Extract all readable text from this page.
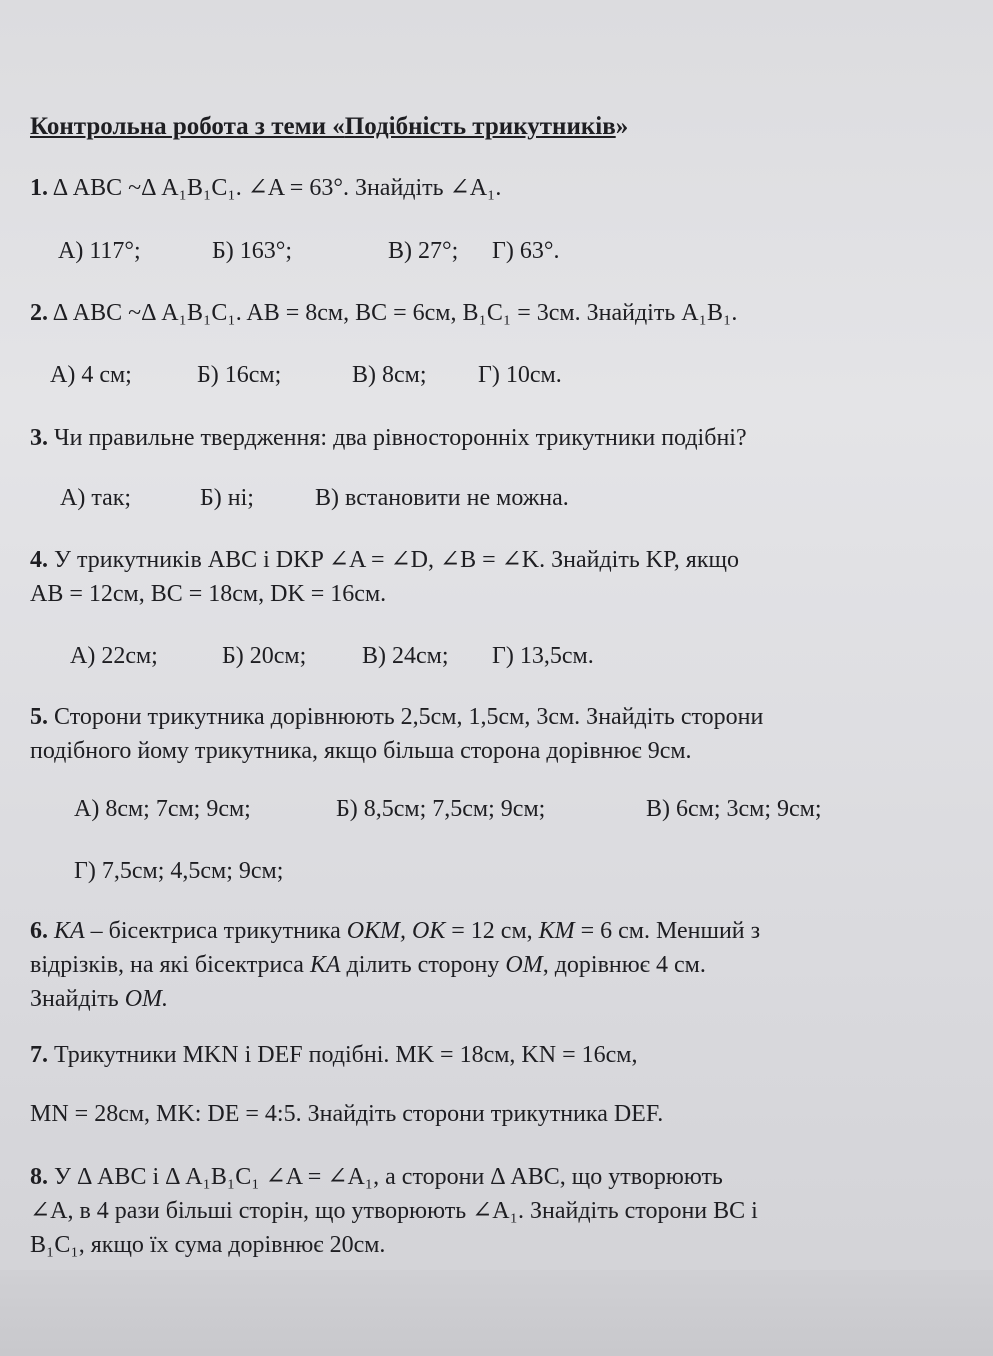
Контрольна робота з теми «Подібність трикутників»

1. Δ ABC ~Δ A₁B₁C₁. ∠A = 63°. Знайдіть ∠A₁.

А) 117°;	Б) 163°;	В) 27°; Г) 63°.

2. Δ ABC ~Δ A₁B₁C₁. AB = 8см, ВС = 6см, В₁С₁ = 3см. Знайдіть A₁B₁.

А) 4 см;	Б) 16см;	В) 8см; Г) 10см.

3. Чи правильне твердження: два рівносторонніх трикутники подібні?

А) так;	Б) ні;	В) встановити не можна.

4. У трикутників ABC і DKP ∠A = ∠D, ∠B = ∠K. Знайдіть KP, якщо

AB = 12см, BC = 18см, DK = 16см.

А) 22см;	Б) 20см; В) 24см; Г) 13,5см.

5. Сторони трикутника дорівнюють 2,5см, 1,5см, 3см. Знайдіть сторони

подібного йому трикутника, якщо більша сторона дорівнює 9см.

А) 8см; 7см; 9см;	Б) 8,5см; 7,5см; 9см;	В) 6см; 3см; 9см;
Г) 7,5см; 4,5см; 9см;

6. КА – бісектриса трикутника ОКМ, ОК = 12 см, КМ = 6 см. Менший з

відрізків, на які бісектриса КА ділить сторону ОМ, дорівнює 4 см.

Знайдіть ОМ.

7. Трикутники MKN і DEF подібні. MK = 18см, KN = 16см,

MN = 28см, MK: DE = 4:5. Знайдіть сторони трикутника DEF.

8. У Δ ABC і Δ A₁B₁C₁ ∠A = ∠A₁, а сторони Δ ABC, що утворюють

∠A, в 4 рази більші сторін, що утворюють ∠A₁. Знайдіть сторони BC і

B₁C₁, якщо їх сума дорівнює 20см.
